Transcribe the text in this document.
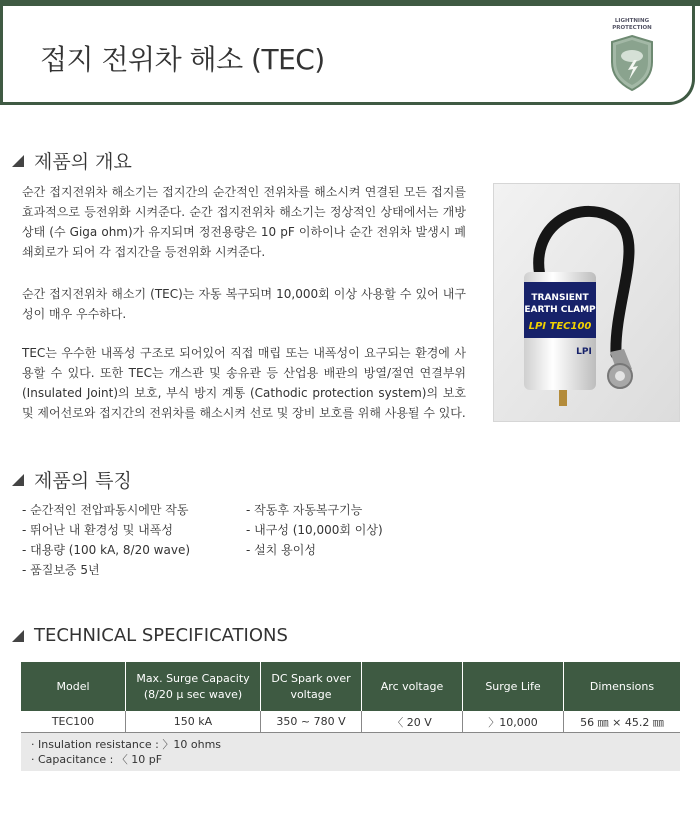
접지 전위차 해소 (TEC)
LIGHTNING
PROTECTION
제품의 개요
순간 접지전위차 해소기는 접지간의 순간적인 전위차를 해소시켜 연결된 모든 접지를 효과적으로 등전위화 시켜준다. 순간 접지전위차 해소기는 정상적인 상태에서는 개방상태 (수 Giga ohm)가 유지되며 정전용량은 10 pF 이하이나 순간 전위차 발생시 폐쇄회로가 되어 각 접지간을 등전위화 시켜준다.
순간 접지전위차 해소기 (TEC)는 자동 복구되며 10,000회 이상 사용할 수 있어 내구성이 매우 우수하다.
TEC는 우수한 내폭성 구조로 되어있어 직접 매립 또는 내폭성이 요구되는 환경에 사용할 수 있다. 또한 TEC는 개스관 및 송유관 등 산업용 배관의 방열/절연 연결부위 (Insulated Joint)의 보호, 부식 방지 계통 (Cathodic protection system)의 보호 및 제어선로와 접지간의 전위차를 해소시켜 선로 및 장비 보호를 위해 사용될 수 있다.
TRANSIENT
EARTH CLAMP
LPI TEC100
LPI
제품의 특징
- 순간적인 전압파동시에만 작동
- 뛰어난 내 환경성 및 내폭성
- 대용량 (100 kA, 8/20 wave)
- 품질보증 5년
- 작동후 자동복구기능
- 내구성 (10,000회 이상)
- 설치 용이성
TECHNICAL SPECIFICATIONS
Model	Max. Surge Capacity (8/20 μ sec wave)	DC Spark over voltage	Arc voltage	Surge Life	Dimensions
TEC100	150 kA	350 ~ 780 V	〈 20 V	〉10,000	56 ㎜ × 45.2 ㎜
· Insulation resistance : 〉10 ohms
· Capacitance : 〈 10 pF
